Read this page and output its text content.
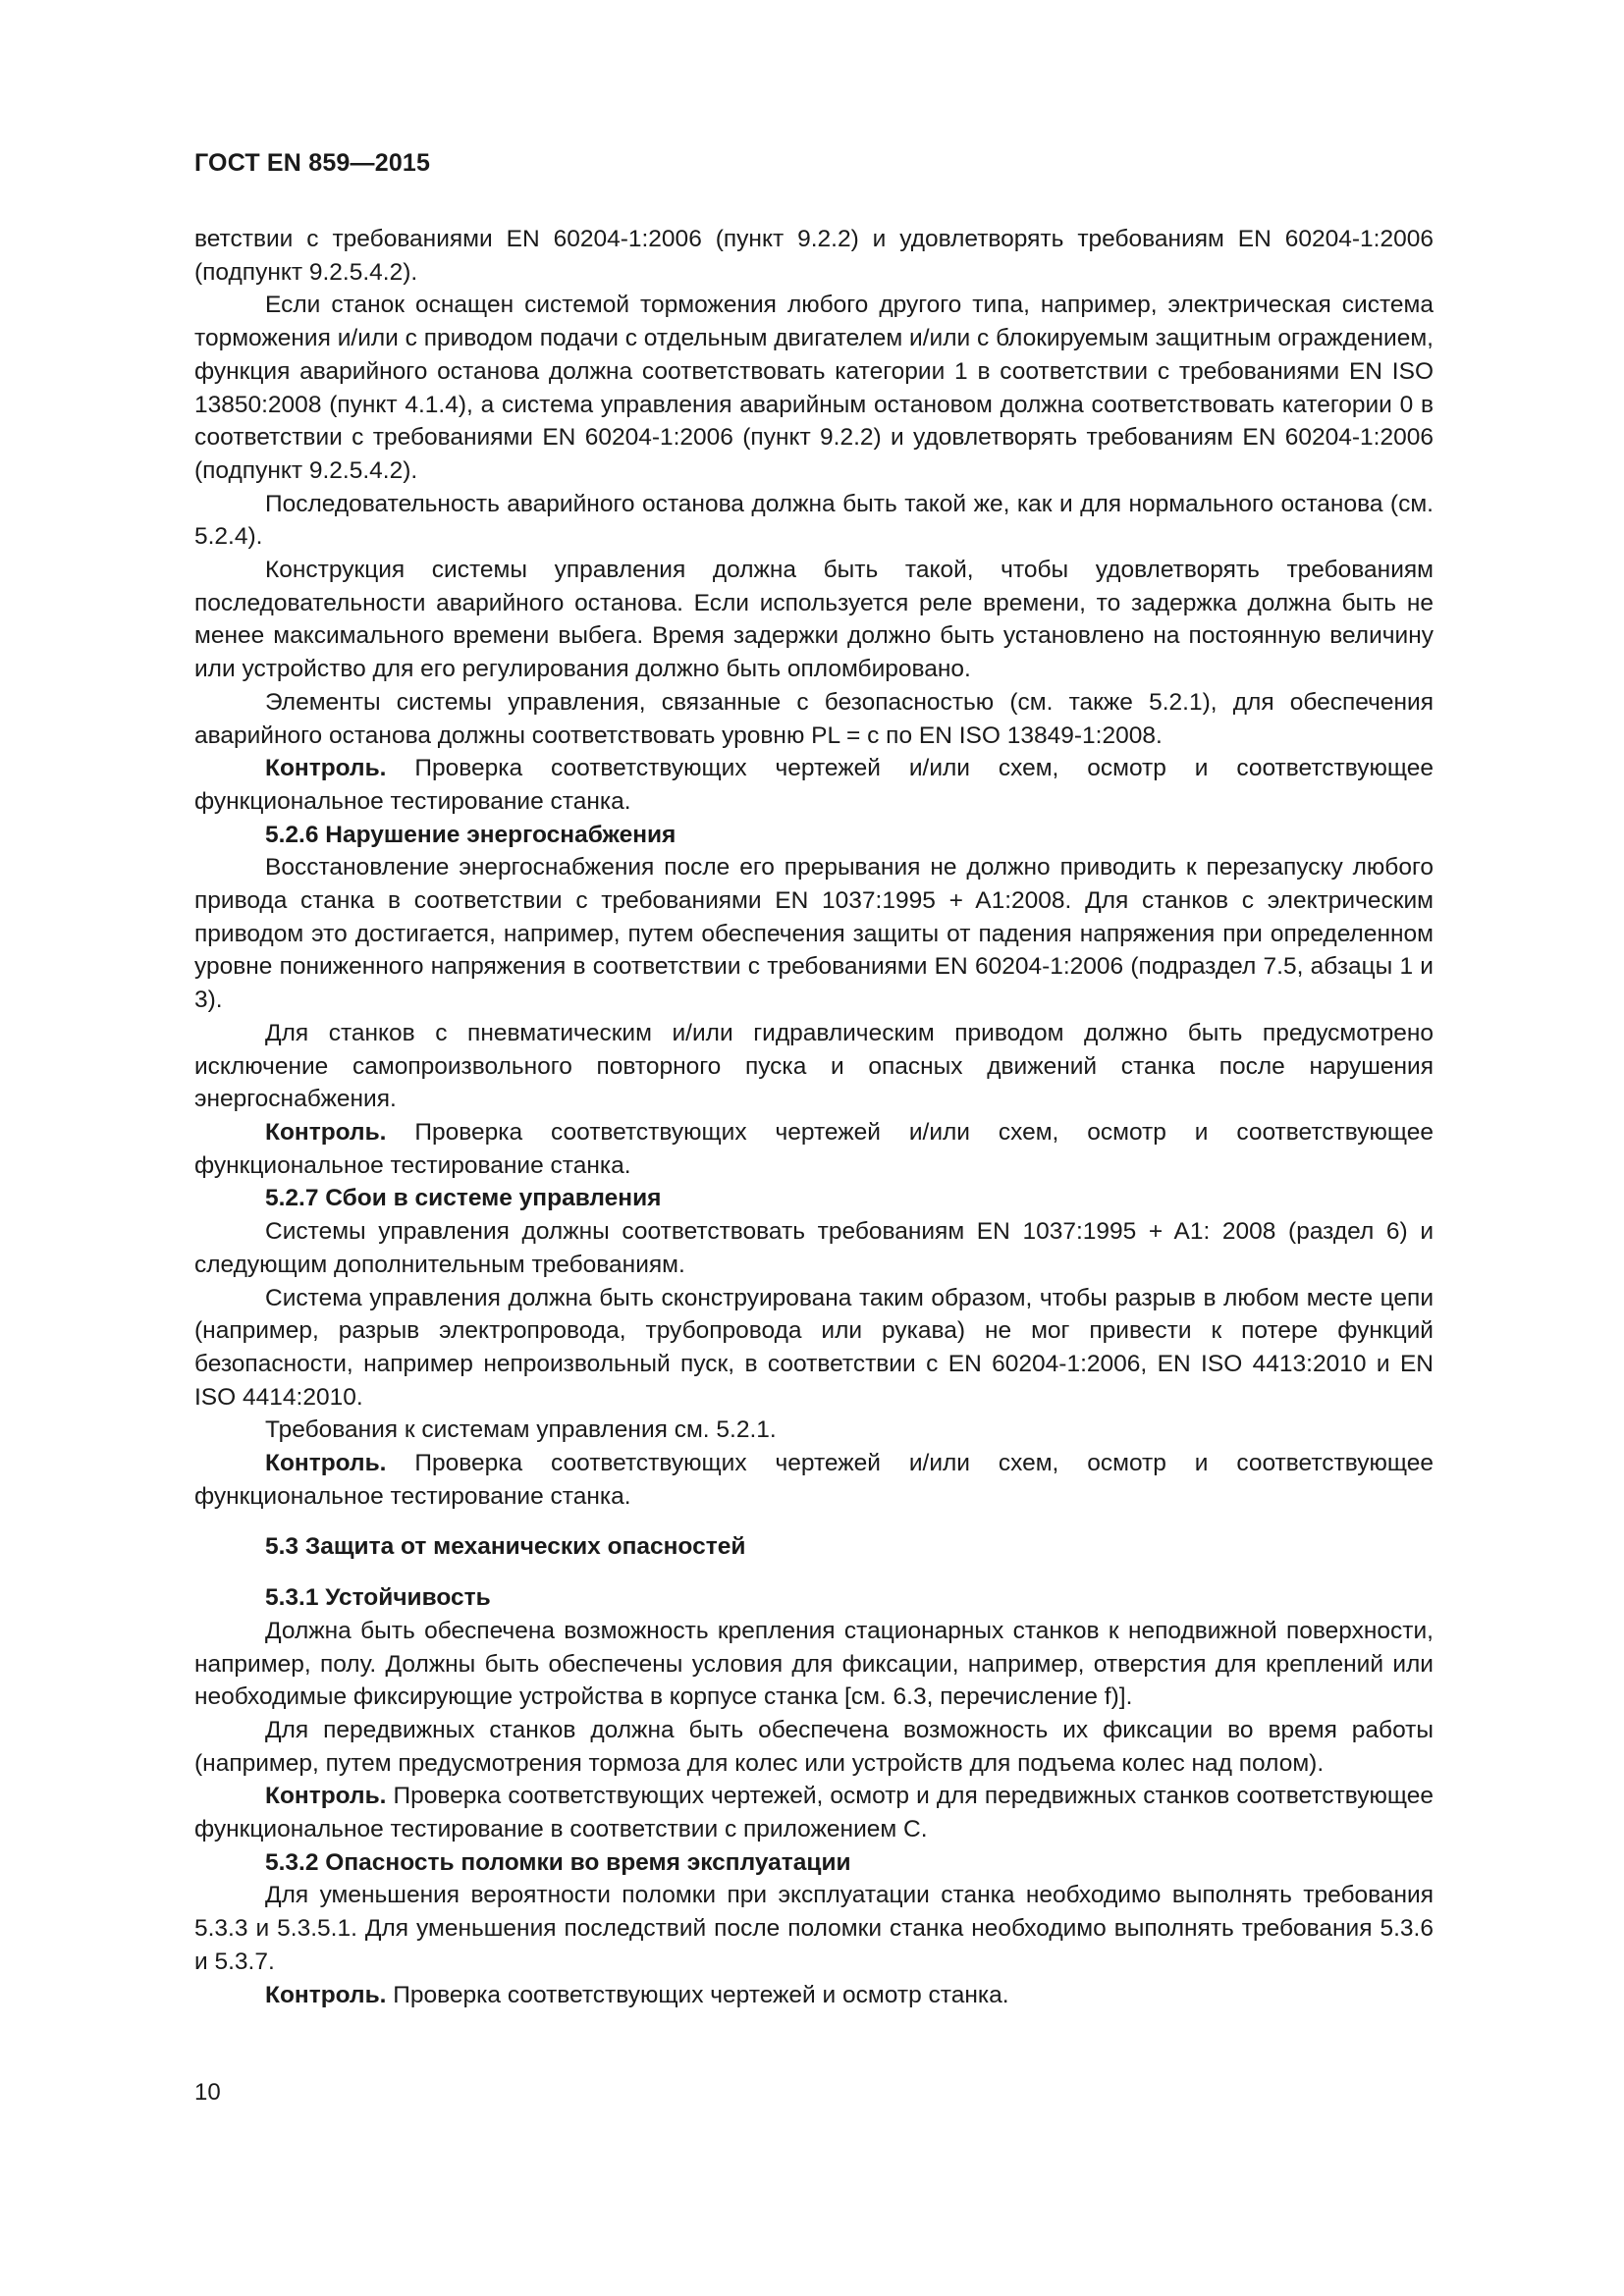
ГОСТ EN 859—2015

ветствии с требованиями EN 60204-1:2006 (пункт 9.2.2) и удовлетворять требованиям EN 60204-1:2006 (подпункт 9.2.5.4.2).

Если станок оснащен системой торможения любого другого типа, например, электрическая система торможения и/или с приводом подачи с отдельным двигателем и/или с блокируемым защитным ограждением, функция аварийного останова должна соответствовать категории 1 в соответствии с требованиями EN ISO 13850:2008 (пункт 4.1.4), а система управления аварийным остановом должна соответствовать категории 0 в соответствии с требованиями EN 60204-1:2006 (пункт 9.2.2) и удовлетворять требованиям EN 60204-1:2006 (подпункт 9.2.5.4.2).

Последовательность аварийного останова должна быть такой же, как и для нормального останова (см. 5.2.4).

Конструкция системы управления должна быть такой, чтобы удовлетворять требованиям последовательности аварийного останова. Если используется реле времени, то задержка должна быть не менее максимального времени выбега. Время задержки должно быть установлено на постоянную величину или устройство для его регулирования должно быть опломбировано.

Элементы системы управления, связанные с безопасностью (см. также 5.2.1), для обеспечения аварийного останова должны соответствовать уровню PL = c по EN ISO 13849-1:2008.

Контроль. Проверка соответствующих чертежей и/или схем, осмотр и соответствующее функциональное тестирование станка.

5.2.6 Нарушение энергоснабжения

Восстановление энергоснабжения после его прерывания не должно приводить к перезапуску любого привода станка в соответствии с требованиями EN 1037:1995 + A1:2008. Для станков с электрическим приводом это достигается, например, путем обеспечения защиты от падения напряжения при определенном уровне пониженного напряжения в соответствии с требованиями EN 60204-1:2006 (подраздел 7.5, абзацы 1 и 3).

Для станков с пневматическим и/или гидравлическим приводом должно быть предусмотрено исключение самопроизвольного повторного пуска и опасных движений станка после нарушения энергоснабжения.

Контроль. Проверка соответствующих чертежей и/или схем, осмотр и соответствующее функциональное тестирование станка.

5.2.7 Сбои в системе управления

Системы управления должны соответствовать требованиям EN 1037:1995 + A1: 2008 (раздел 6) и следующим дополнительным требованиям.

Система управления должна быть сконструирована таким образом, чтобы разрыв в любом месте цепи (например, разрыв электропровода, трубопровода или рукава) не мог привести к потере функций безопасности, например непроизвольный пуск, в соответствии с EN 60204-1:2006, EN ISO 4413:2010 и EN ISO 4414:2010.

Требования к системам управления см. 5.2.1.

Контроль. Проверка соответствующих чертежей и/или схем, осмотр и соответствующее функциональное тестирование станка.

5.3 Защита от механических опасностей

5.3.1 Устойчивость

Должна быть обеспечена возможность крепления стационарных станков к неподвижной поверхности, например, полу. Должны быть обеспечены условия для фиксации, например, отверстия для креплений или необходимые фиксирующие устройства в корпусе станка [см. 6.3, перечисление f)].

Для передвижных станков должна быть обеспечена возможность их фиксации во время работы (например, путем предусмотрения тормоза для колес или устройств для подъема колес над полом).

Контроль. Проверка соответствующих чертежей, осмотр и для передвижных станков соответствующее функциональное тестирование в соответствии с приложением С.

5.3.2 Опасность поломки во время эксплуатации

Для уменьшения вероятности поломки при эксплуатации станка необходимо выполнять требования 5.3.3 и 5.3.5.1. Для уменьшения последствий после поломки станка необходимо выполнять требования 5.3.6 и 5.3.7.

Контроль. Проверка соответствующих чертежей и осмотр станка.

10
